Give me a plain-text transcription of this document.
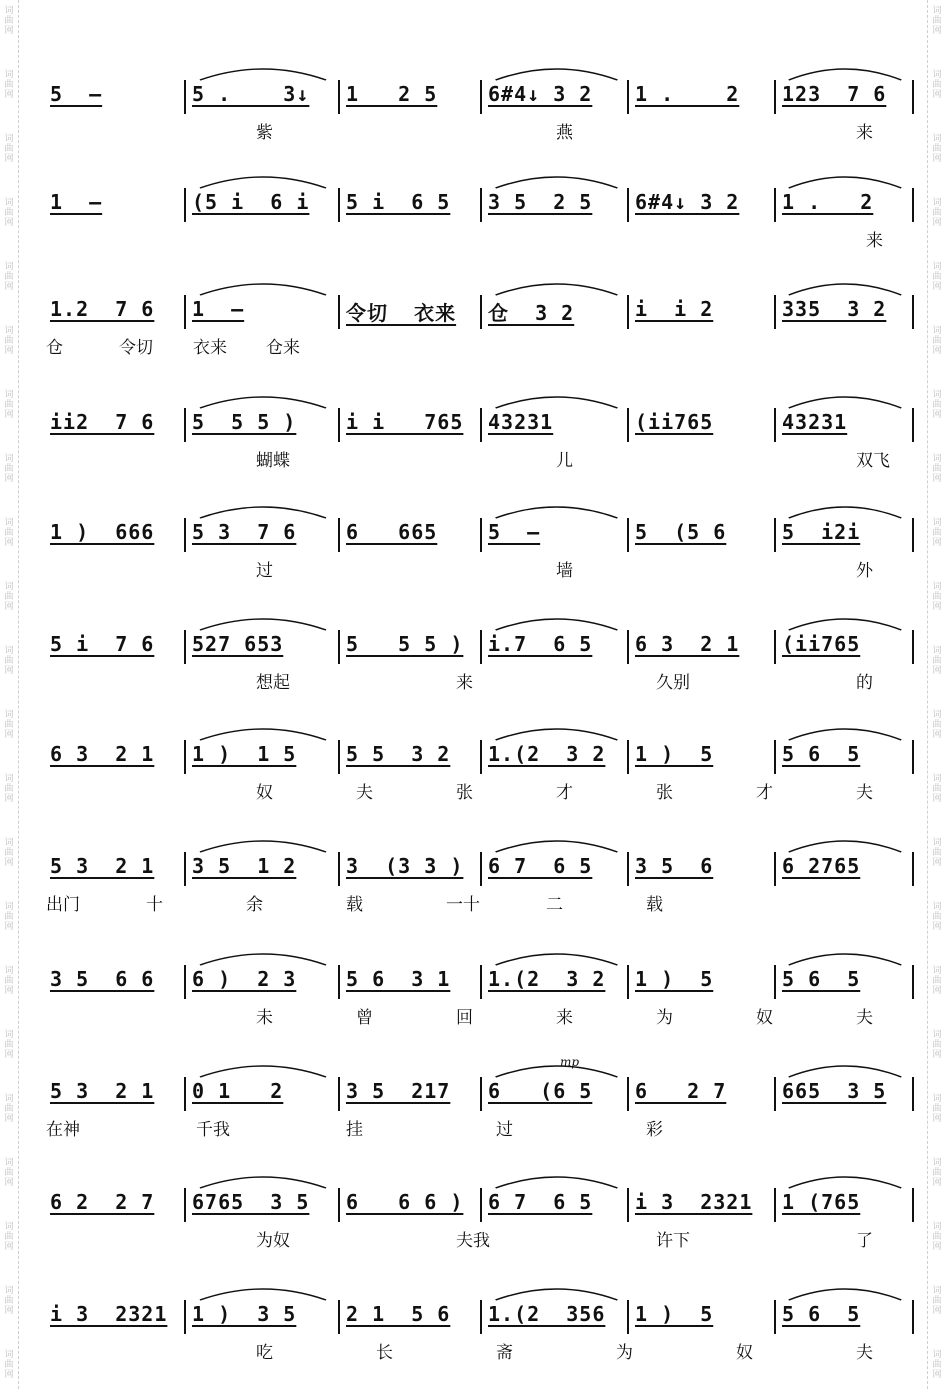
5  –	5 .    3↓	1   2 5	6#4↓ 3 2	1 .    2	123  7 6
紫	燕	来
1  –	(5 i  6 i	5 i  6 5	3 5  2 5	6#4↓ 3 2	1 .   2
来
1.2  7 6	1  –	令切  衣来	仓  3 2	i  i 2	335  3 2
仓	令切 衣来 仓来
ii2  7 6	5  5 5 )	i i   765	43231	(ii765	43231
蝴蝶	儿	双飞
1 )  666	5 3  7 6	6   665	5  –	5  (5 6	5  i2i
过	墙	外
5 i  7 6	527 653	5   5 5 )	i.7  6 5	6 3  2 1	(ii765
想起	来	久别	的
6 3  2 1	1 )  1 5	5 5  3 2	1.(2  3 2	1 )  5	5 6  5
奴	夫	张	才	张	才	夫
5 3  2 1	3 5  1 2	3  (3 3 )	6 7  6 5	3 5  6	6 2765
出门	十	余	载	一十	二	载
3 5  6 6	6 )  2 3	5 6  3 1	1.(2  3 2	1 )  5	5 6  5
未	曾	回	来	为	奴	夫
5 3  2 1	0 1   2	3 5  217	6   (6 5	6   2 7	665  3 5
mp
在神	千我	挂	过	彩
6 2  2 7	6765  3 5	6   6 6 )	6 7  6 5	i 3  2321	1 (765
为奴	夫我	许下	了
i 3  2321	1 )  3 5	2 1  5 6	1.(2  356	1 )  5	5 6  5
吃	长	斋	为	奴	夫
词
曲
网
词
曲
网
词
曲
网
词
曲
网
词
曲
网
词
曲
网
词
曲
网
词
曲
网
词
曲
网
词
曲
网
词
曲
网
词
曲
网
词
曲
网
词
曲
网
词
曲
网
词
曲
网
词
曲
网
词
曲
网
词
曲
网
词
曲
网
词
曲
网
词
曲
网
词
曲
网
词
曲
网
词
曲
网
词
曲
网
词
曲
网
词
曲
网
词
曲
网
词
曲
网
词
曲
网
词
曲
网
词
曲
网
词
曲
网
词
曲
网
词
曲
网
词
曲
网
词
曲
网
词
曲
网
词
曲
网
词
曲
网
词
曲
网
词
曲
网
词
曲
网
